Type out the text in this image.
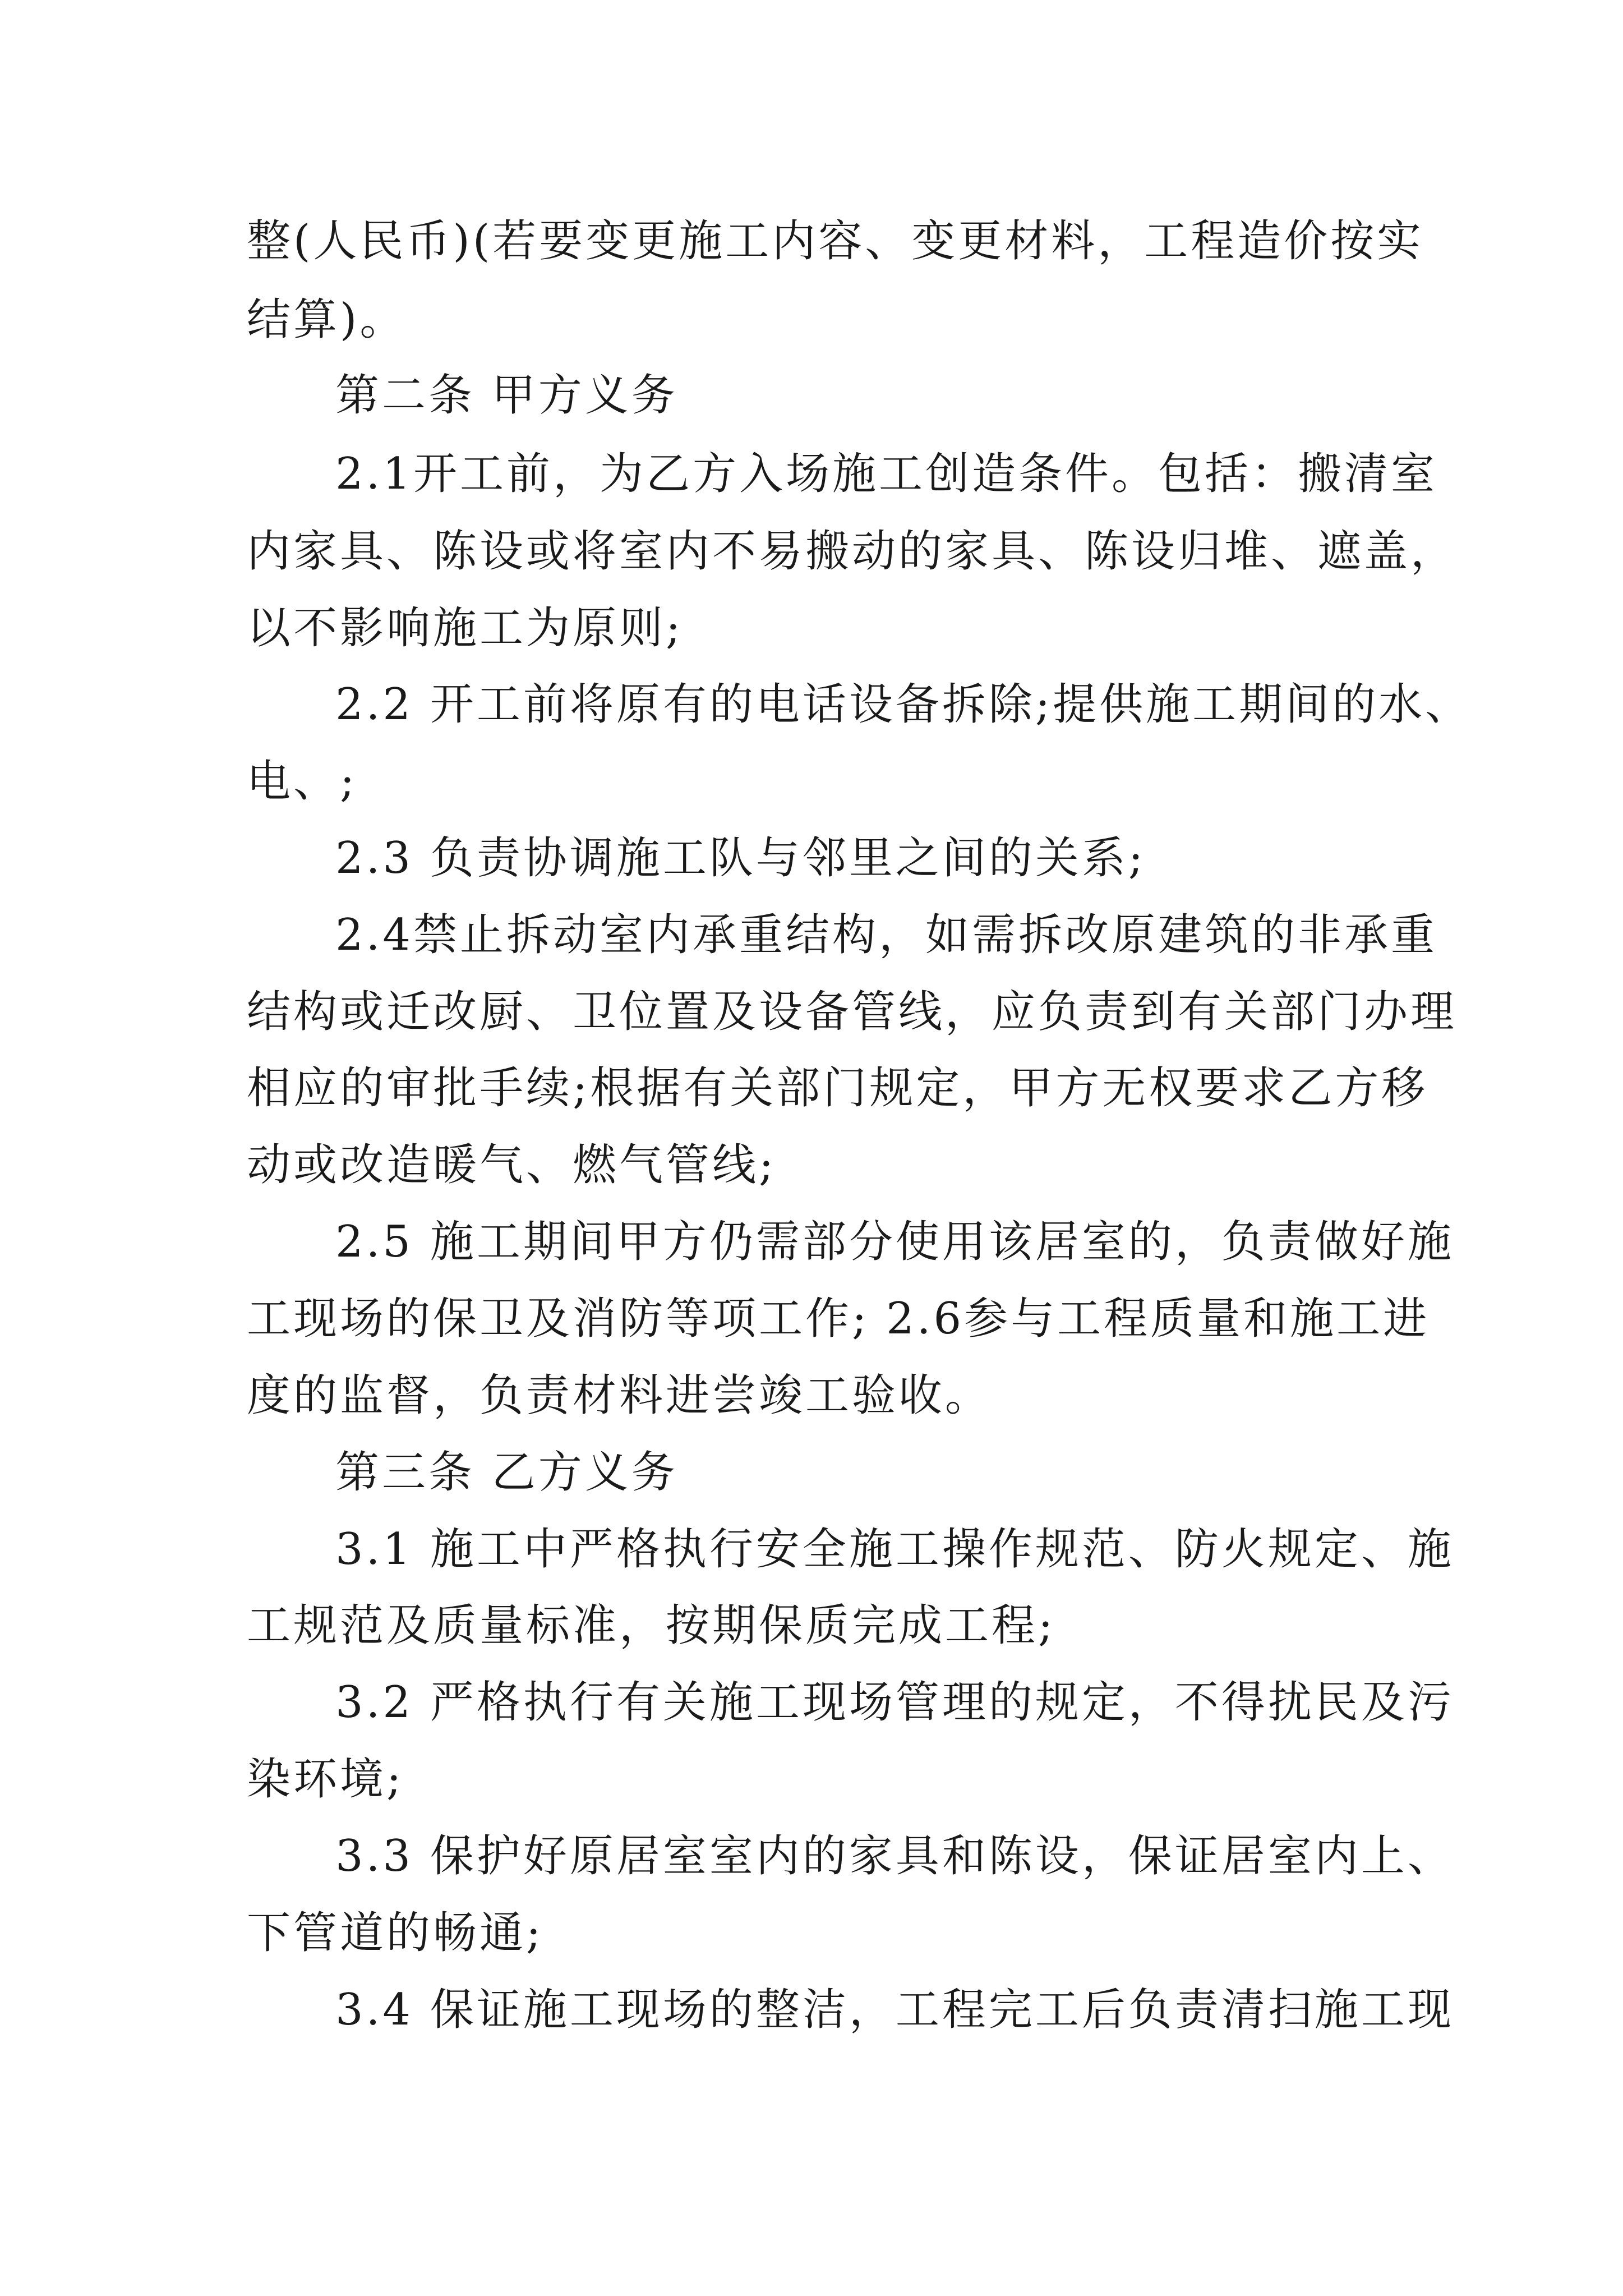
整(人民币)(若要变更施工内容、变更材料，工程造价按实
结算)。
第二条 甲方义务
2.1开工前，为乙方入场施工创造条件。包括：搬清室
内家具、陈设或将室内不易搬动的家具、陈设归堆、遮盖，
以不影响施工为原则;
2.2 开工前将原有的电话设备拆除;提供施工期间的水、
电、;
2.3 负责协调施工队与邻里之间的关系;
2.4禁止拆动室内承重结构，如需拆改原建筑的非承重
结构或迁改厨、卫位置及设备管线，应负责到有关部门办理
相应的审批手续;根据有关部门规定，甲方无权要求乙方移
动或改造暖气、燃气管线;
2.5 施工期间甲方仍需部分使用该居室的，负责做好施
工现场的保卫及消防等项工作; 2.6参与工程质量和施工进
度的监督，负责材料进尝竣工验收。
第三条 乙方义务
3.1 施工中严格执行安全施工操作规范、防火规定、施
工规范及质量标准，按期保质完成工程;
3.2 严格执行有关施工现场管理的规定，不得扰民及污
染环境;
3.3 保护好原居室室内的家具和陈设，保证居室内上、
下管道的畅通;
3.4 保证施工现场的整洁，工程完工后负责清扫施工现
